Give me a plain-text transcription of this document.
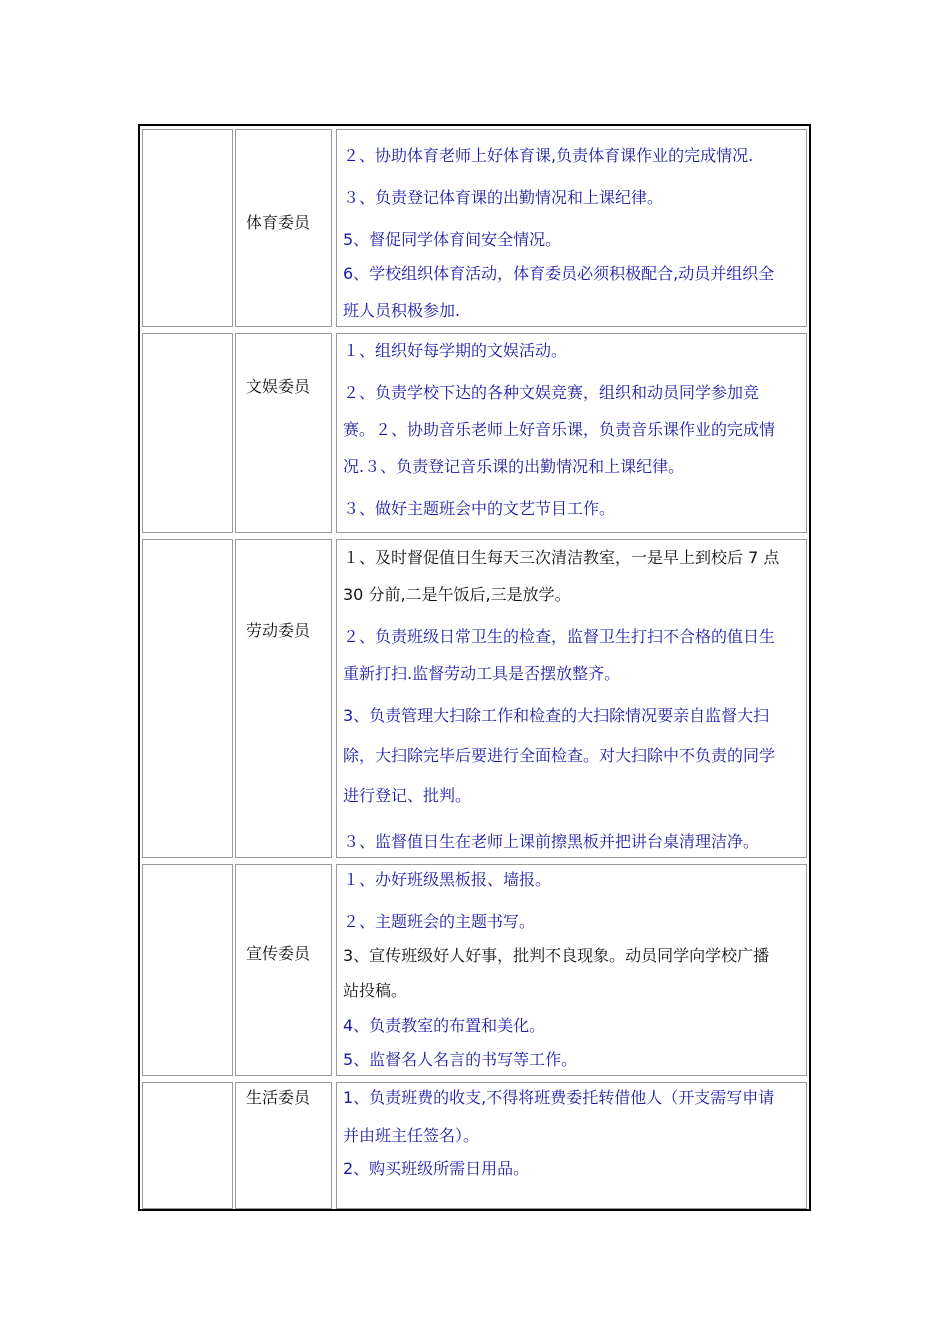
体育委员
２、协助体育老师上好体育课,负责体育课作业的完成情况.
３、负责登记体育课的出勤情况和上课纪律。
5、督促同学体育间安全情况。
6、学校组织体育活动，体育委员必须积极配合,动员并组织全
班人员积极参加.
文娱委员
１、组织好每学期的文娱活动。
２、负责学校下达的各种文娱竞赛，组织和动员同学参加竞
赛。２、协助音乐老师上好音乐课，负责音乐课作业的完成情
况.３、负责登记音乐课的出勤情况和上课纪律。
３、做好主题班会中的文艺节目工作。
劳动委员
１、及时督促值日生每天三次清洁教室，一是早上到校后 7 点
30 分前,二是午饭后,三是放学。
２、负责班级日常卫生的检查，监督卫生打扫不合格的值日生
重新打扫.监督劳动工具是否摆放整齐。
3、负责管理大扫除工作和检查的大扫除情况要亲自监督大扫
除，大扫除完毕后要进行全面检查。对大扫除中不负责的同学
进行登记、批判。
３、监督值日生在老师上课前擦黑板并把讲台桌清理洁净。
宣传委员
１、办好班级黑板报、墙报。
２、主题班会的主题书写。
3、宣传班级好人好事，批判不良现象。动员同学向学校广播
站投稿。
4、负责教室的布置和美化。
5、监督名人名言的书写等工作。
生活委员 1、负责班费的收支,不得将班费委托转借他人（开支需写申请
并由班主任签名）。
2、购买班级所需日用品。
